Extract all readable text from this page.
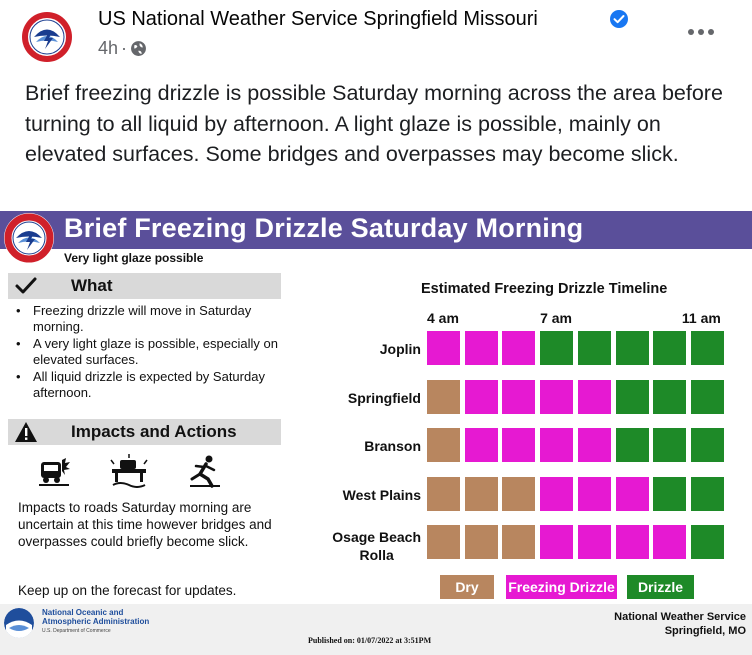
US National Weather Service Springfield Missouri
4h ·
Brief freezing drizzle is possible Saturday morning across the area before turning to all liquid by afternoon. A light glaze is possible, mainly on elevated surfaces. Some bridges and overpasses may become slick.
Brief Freezing Drizzle Saturday Morning
Very light glaze possible
What
• Freezing drizzle will move in Saturday morning.
• A very light glaze is possible, especially on elevated surfaces.
• All liquid drizzle is expected by Saturday afternoon.
Impacts and Actions
Impacts to roads Saturday morning are uncertain at this time however bridges and overpasses could briefly become slick.
Keep up on the forecast for updates.
Estimated Freezing Drizzle Timeline
4 am	7 am	11 am
Joplin
Springfield
Branson
West Plains
Osage Beach
Rolla
Dry	Freezing Drizzle	Drizzle
National Oceanic and
Atmospheric Administration
U.S. Department of Commerce
National Weather Service
Springfield, MO
Published on: 01/07/2022 at 3:51PM
